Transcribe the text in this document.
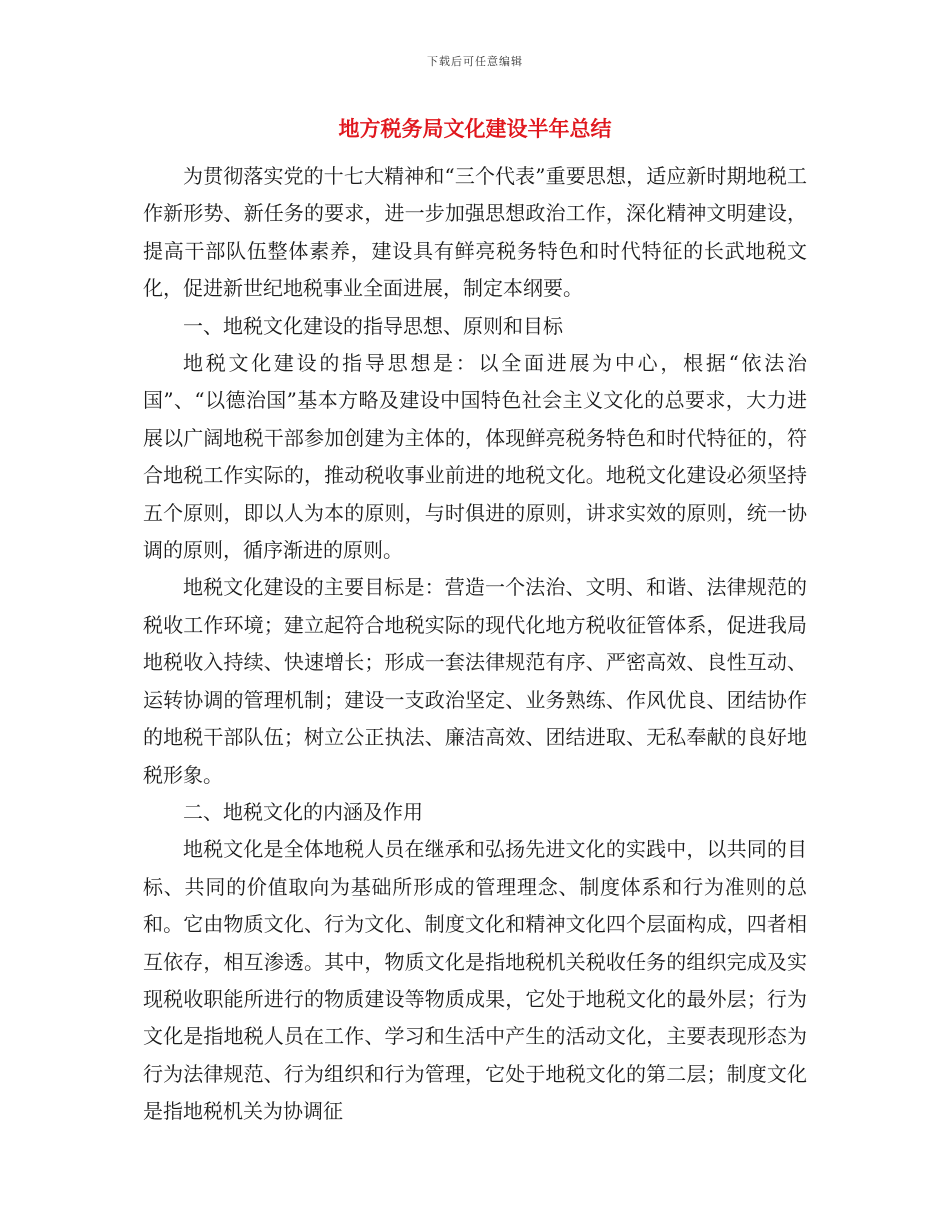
下载后可任意编辑
地方税务局文化建设半年总结

为贯彻落实党的十七大精神和“三个代表”重要思想，适应新时期地税工作新形势、新任务的要求，进一步加强思想政治工作，深化精神文明建设，提高干部队伍整体素养，建设具有鲜亮税务特色和时代特征的长武地税文化，促进新世纪地税事业全面进展，制定本纲要。

一、地税文化建设的指导思想、原则和目标

地税文化建设的指导思想是：以全面进展为中心，根据“依法治国”、“以德治国”基本方略及建设中国特色社会主义文化的总要求，大力进展以广阔地税干部参加创建为主体的，体现鲜亮税务特色和时代特征的，符合地税工作实际的，推动税收事业前进的地税文化。地税文化建设必须坚持五个原则，即以人为本的原则，与时俱进的原则，讲求实效的原则，统一协调的原则，循序渐进的原则。

地税文化建设的主要目标是：营造一个法治、文明、和谐、法律规范的税收工作环境；建立起符合地税实际的现代化地方税收征管体系，促进我局地税收入持续、快速增长；形成一套法律规范有序、严密高效、良性互动、运转协调的管理机制；建设一支政治坚定、业务熟练、作风优良、团结协作的地税干部队伍；树立公正执法、廉洁高效、团结进取、无私奉献的良好地税形象。

二、地税文化的内涵及作用

地税文化是全体地税人员在继承和弘扬先进文化的实践中，以共同的目标、共同的价值取向为基础所形成的管理理念、制度体系和行为准则的总和。它由物质文化、行为文化、制度文化和精神文化四个层面构成，四者相互依存，相互渗透。其中，物质文化是指地税机关税收任务的组织完成及实现税收职能所进行的物质建设等物质成果，它处于地税文化的最外层；行为文化是指地税人员在工作、学习和生活中产生的活动文化，主要表现形态为行为法律规范、行为组织和行为管理，它处于地税文化的第二层；制度文化是指地税机关为协调征
